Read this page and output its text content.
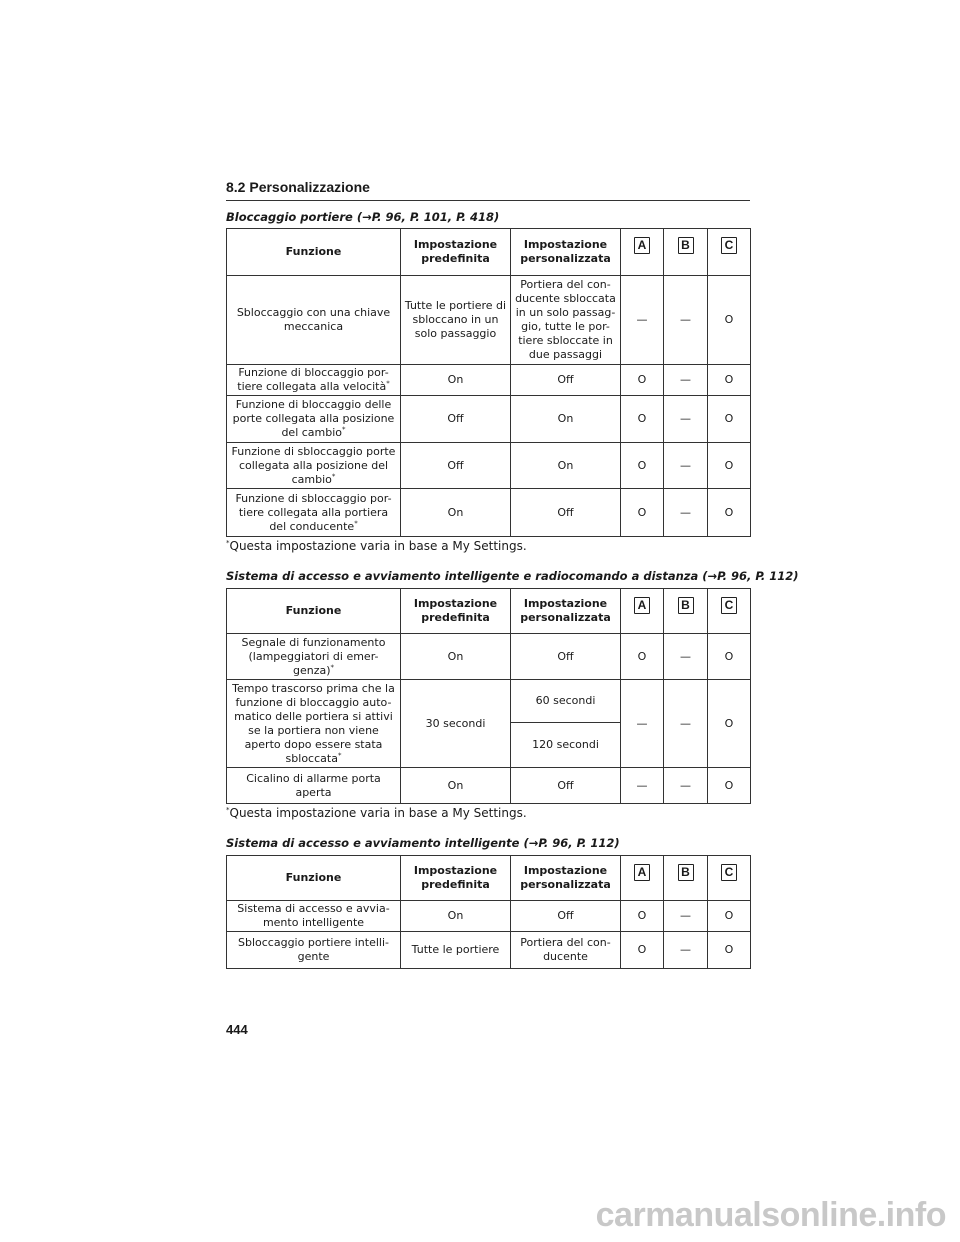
8.2 Personalizzazione
Bloccaggio portiere (→P. 96, P. 101, P. 418)
Funzione	Impostazione predefinita	Impostazione personalizzata	A	B	C
Sbloccaggio con una chiave meccanica	Tutte le portiere di sbloccano in un solo passaggio	Portiera del con- ducente sbloccata in un solo passag- gio, tutte le por- tiere sbloccate in due passaggi	—	—	O
Funzione di bloccaggio por- tiere collegata alla velocità*	On	Off	O	—	O
Funzione di bloccaggio delle porte collegata alla posizione del cambio*	Off	On	O	—	O
Funzione di sbloccaggio porte collegata alla posizione del cambio*	Off	On	O	—	O
Funzione di sbloccaggio por- tiere collegata alla portiera del conducente*	On	Off	O	—	O
*Questa impostazione varia in base a My Settings.
Sistema di accesso e avviamento intelligente e radiocomando a distanza (→P. 96, P. 112)
Funzione	Impostazione predefinita	Impostazione personalizzata	A	B	C
Segnale di funzionamento (lampeggiatori di emer- genza)*	On	Off	O	—	O
Tempo trascorso prima che la funzione di bloccaggio auto- matico delle portiera si attivi se la portiera non viene aperto dopo essere stata sbloccata*	30 secondi	60 secondi	—	—	O
		120 secondi			
Cicalino di allarme porta aperta	On	Off	—	—	O
*Questa impostazione varia in base a My Settings.
Sistema di accesso e avviamento intelligente (→P. 96, P. 112)
Funzione	Impostazione predefinita	Impostazione personalizzata	A	B	C
Sistema di accesso e avvia- mento intelligente	On	Off	O	—	O
Sbloccaggio portiere intelli- gente	Tutte le portiere	Portiera del con- ducente	O	—	O
444
carmanualsonline.info
